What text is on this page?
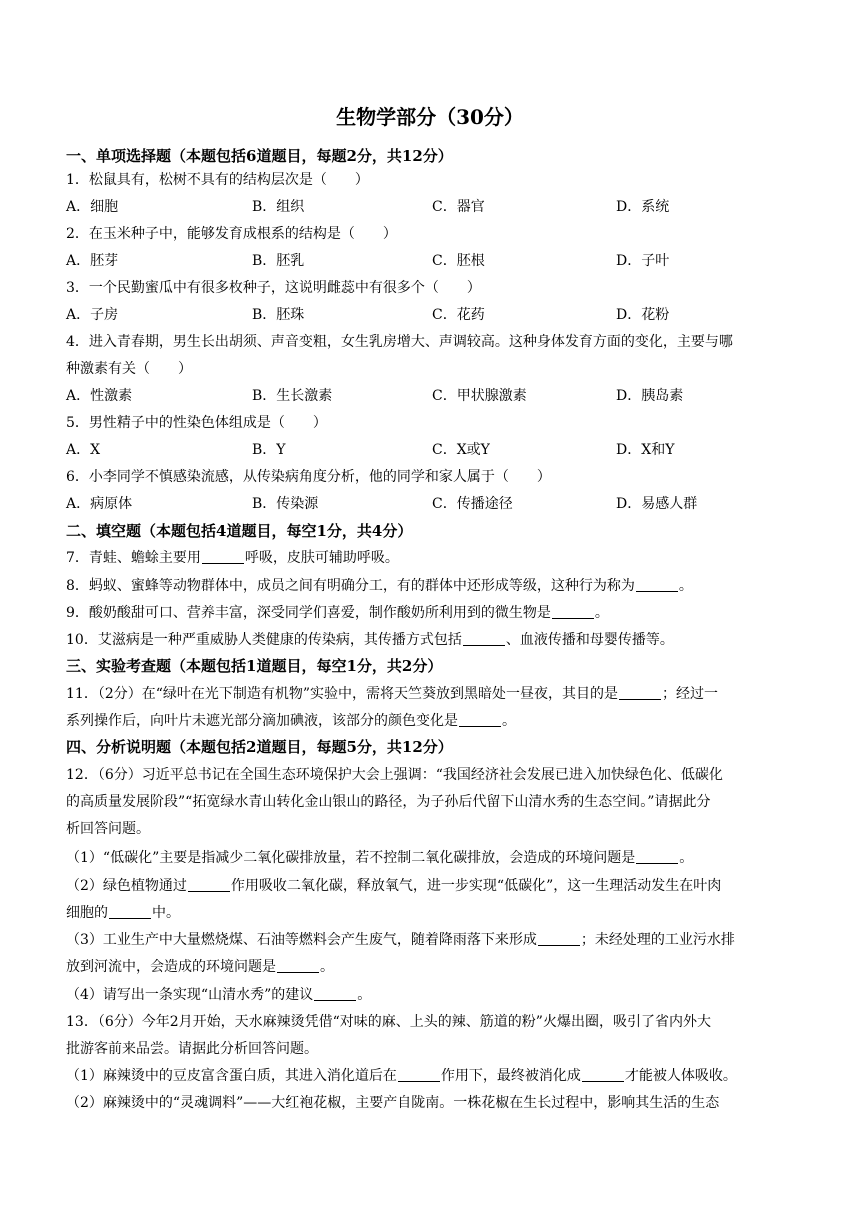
生物学部分（30分）
一、单项选择题（本题包括6道题目，每题2分，共12分）
1．松鼠具有，松树不具有的结构层次是（　　）
A．细胞	B．组织	C．器官	D．系统
2．在玉米种子中，能够发育成根系的结构是（　　）
A．胚芽	B．胚乳	C．胚根	D．子叶
3．一个民勤蜜瓜中有很多枚种子，这说明雌蕊中有很多个（　　）
A．子房	B．胚珠	C．花药	D．花粉
4．进入青春期，男生长出胡须、声音变粗，女生乳房增大、声调较高。这种身体发育方面的变化，主要与哪
种激素有关（　　）
A．性激素	B．生长激素	C．甲状腺激素	D．胰岛素
5．男性精子中的性染色体组成是（　　）
A．X	B．Y	C．X或Y	D．X和Y
6．小李同学不慎感染流感，从传染病角度分析，他的同学和家人属于（　　）
A．病原体	B．传染源	C．传播途径	D．易感人群
二、填空题（本题包括4道题目，每空1分，共4分）
7．青蛙、蟾蜍主要用	呼吸，皮肤可辅助呼吸。
8．蚂蚁、蜜蜂等动物群体中，成员之间有明确分工，有的群体中还形成等级，这种行为称为	。
9．酸奶酸甜可口、营养丰富，深受同学们喜爱，制作酸奶所利用到的微生物是	。
10．艾滋病是一种严重威胁人类健康的传染病，其传播方式包括	、血液传播和母婴传播等。
三、实验考查题（本题包括1道题目，每空1分，共2分）
11．（2分）在“绿叶在光下制造有机物”实验中，需将天竺葵放到黑暗处一昼夜，其目的是	；经过一
系列操作后，向叶片未遮光部分滴加碘液，该部分的颜色变化是	。
四、分析说明题（本题包括2道题目，每题5分，共12分）
12．（6分）习近平总书记在全国生态环境保护大会上强调：“我国经济社会发展已进入加快绿色化、低碳化
的高质量发展阶段”“拓宽绿水青山转化金山银山的路径，为子孙后代留下山清水秀的生态空间。”请据此分
析回答问题。
（1）“低碳化”主要是指减少二氧化碳排放量，若不控制二氧化碳排放，会造成的环境问题是	。
（2）绿色植物通过	作用吸收二氧化碳，释放氧气，进一步实现“低碳化”，这一生理活动发生在叶肉
细胞的	中。
（3）工业生产中大量燃烧煤、石油等燃料会产生废气，随着降雨落下来形成	；未经处理的工业污水排
放到河流中，会造成的环境问题是	。
（4）请写出一条实现“山清水秀”的建议	。
13．（6分）今年2月开始，天水麻辣烫凭借“对味的麻、上头的辣、筋道的粉”火爆出圈，吸引了省内外大
批游客前来品尝。请据此分析回答问题。
（1）麻辣烫中的豆皮富含蛋白质，其进入消化道后在	作用下，最终被消化成	才能被人体吸收。
（2）麻辣烫中的“灵魂调料”——大红袍花椒，主要产自陇南。一株花椒在生长过程中，影响其生活的生态
